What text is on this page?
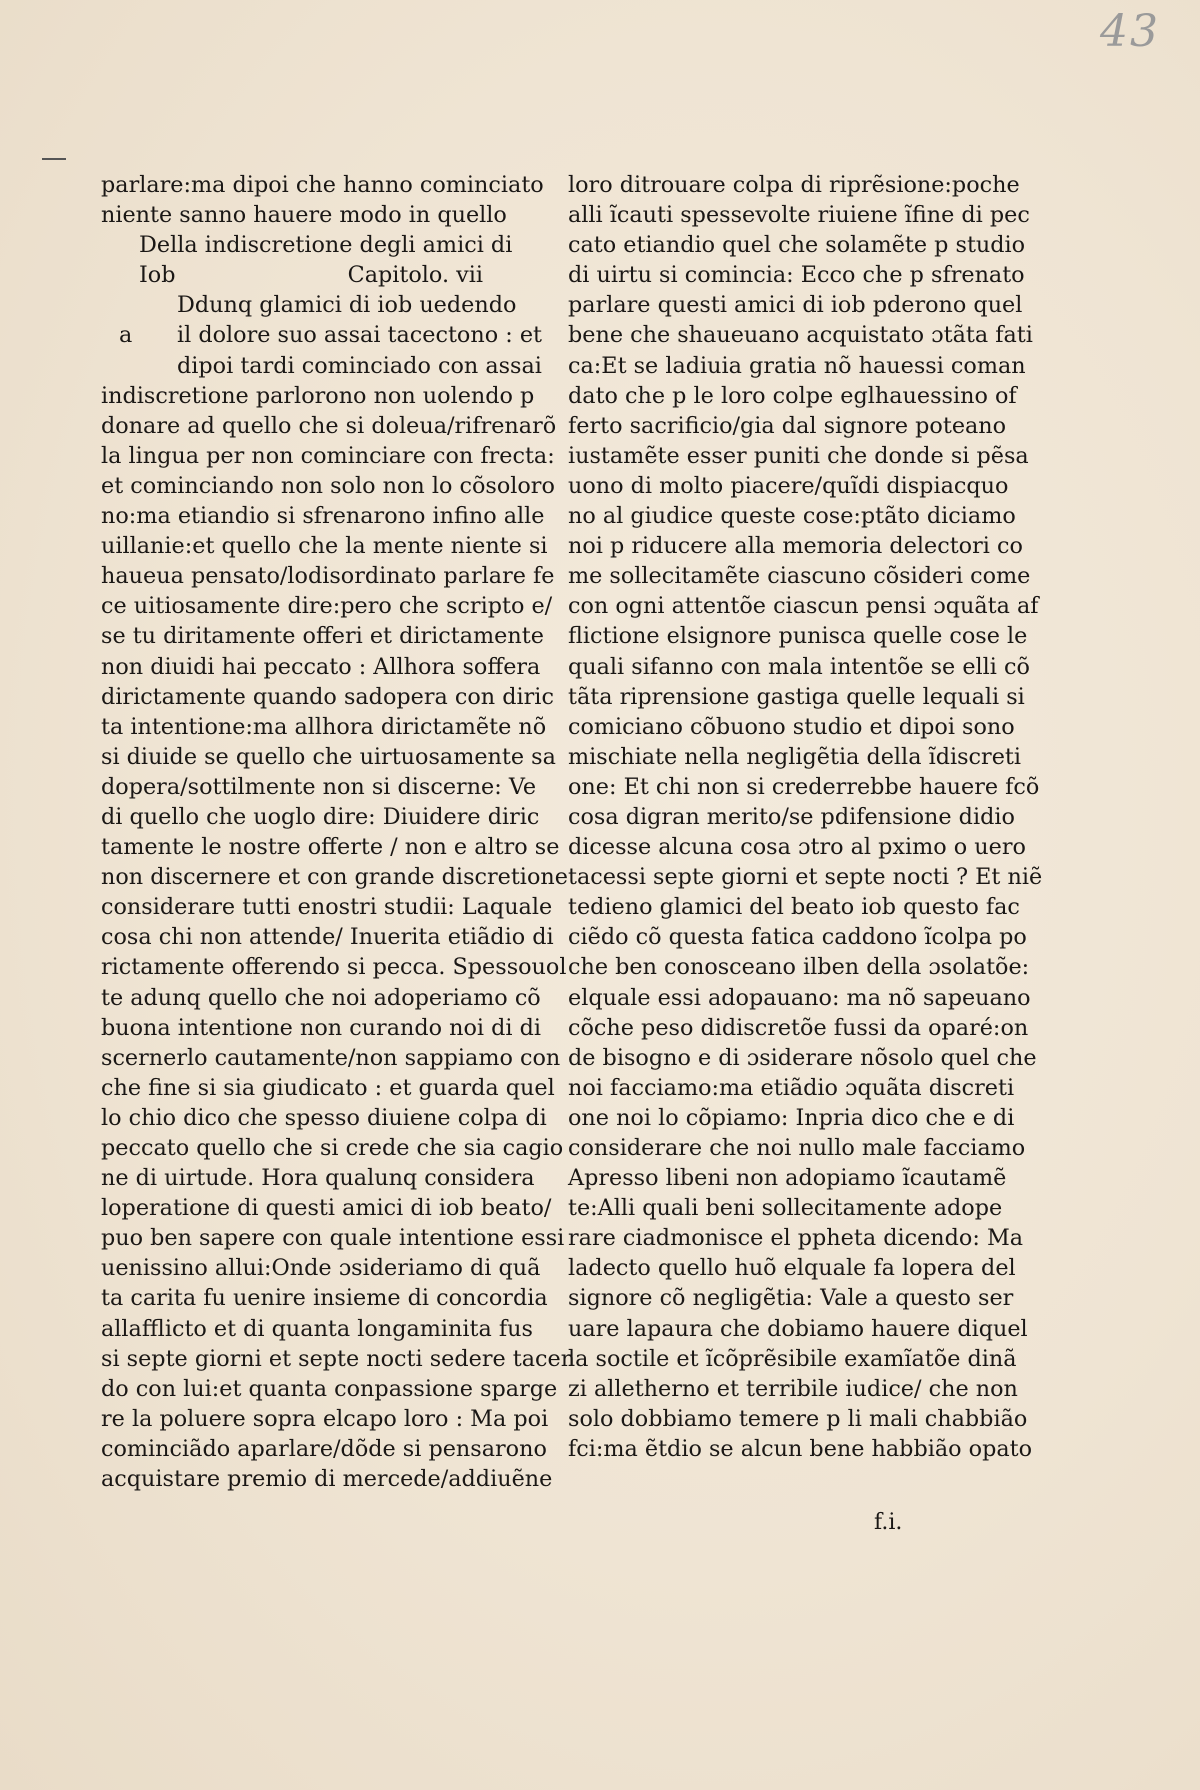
43
parlare:ma dipoi che hanno cominciato
niente sanno hauere modo in quello
Della indiscretione degli amici di
Iob	Capitolo. vii
Ddunq glamici di iob uedendo
a il dolore suo assai tacectono : et
dipoi tardi cominciado con assai
indiscretione parlorono non uolendo p
donare ad quello che si doleua/rifrenarõ
la lingua per non cominciare con frecta:
et cominciando non solo non lo cõsoloro
no:ma etiandio si sfrenarono infino alle
uillanie:et quello che la mente niente si
haueua pensato/lodisordinato parlare fe
ce uitiosamente dire:pero che scripto e/
se tu diritamente offeri et dirictamente
non diuidi hai peccato : Allhora soffera
dirictamente quando sadopera con diric
ta intentione:ma allhora dirictamẽte nõ
si diuide se quello che uirtuosamente sa
dopera/sottilmente non si discerne: Ve
di quello che uoglo dire: Diuidere diric
tamente le nostre offerte / non e altro se
non discernere et con grande discretione
considerare tutti enostri studii: Laquale
cosa chi non attende/ Inuerita etiãdio di
rictamente offerendo si pecca. Spessouol
te adunq quello che noi adoperiamo cõ
buona intentione non curando noi di di
scernerlo cautamente/non sappiamo con
che fine si sia giudicato : et guarda quel
lo chio dico che spesso diuiene colpa di
peccato quello che si crede che sia cagio
ne di uirtude. Hora qualunq considera
loperatione di questi amici di iob beato/
puo ben sapere con quale intentione essi
uenissino allui:Onde ɔsideriamo di quã
ta carita fu uenire insieme di concordia
allafflicto et di quanta longaminita fus
si septe giorni et septe nocti sedere tacen
do con lui:et quanta conpassione sparge
re la poluere sopra elcapo loro : Ma poi
cominciãdo aparlare/dõde si pensarono
acquistare premio di mercede/addiuẽne
loro ditrouare colpa di riprẽsione:poche
alli ĩcauti spessevolte riuiene ĩfine di pec
cato etiandio quel che solamẽte p studio
di uirtu si comincia: Ecco che p sfrenato
parlare questi amici di iob pderono quel
bene che shaueuano acquistato ɔtãta fati
ca:Et se ladiuia gratia nõ hauessi coman
dato che p le loro colpe eglhauessino of
ferto sacrificio/gia dal signore poteano
iustamẽte esser puniti che donde si pẽsa
uono di molto piacere/quĩdi dispiacquo
no al giudice queste cose:ptãto diciamo
noi p riducere alla memoria delectori co
me sollecitamẽte ciascuno cõsideri come
con ogni attentõe ciascun pensi ɔquãta af
flictione elsignore punisca quelle cose le
quali sifanno con mala intentõe se elli cõ
tãta riprensione gastiga quelle lequali si
comiciano cõbuono studio et dipoi sono
mischiate nella negligẽtia della ĩdiscreti
one: Et chi non si crederrebbe hauere fcõ
cosa digran merito/se pdifensione didio
dicesse alcuna cosa ɔtro al pximo o uero
tacessi septe giorni et septe nocti ? Et niẽ
tedieno glamici del beato iob questo fac
ciẽdo cõ questa fatica caddono ĩcolpa po
che ben conosceano ilben della ɔsolatõe:
elquale essi adopauano: ma nõ sapeuano
cõche peso didiscretõe fussi da oparé:on
de bisogno e di ɔsiderare nõsolo quel che
noi facciamo:ma etiãdio ɔquãta discreti
one noi lo cõpiamo: Inpria dico che e di
considerare che noi nullo male facciamo
Apresso libeni non adopiamo ĩcautamẽ
te:Alli quali beni sollecitamente adope
rare ciadmonisce el pphetа dicendo: Ma
ladecto quello huõ elquale fa lopera del
signore cõ negligẽtia: Vale a questo ser
uare lapaura che dobiamo hauere diquel
la soctile et ĩcõprẽsibile examĩatõe dinã
zi alletherno et terribile iudice/ che non
solo dobbiamo temere p li mali chabbião
fci:ma ẽtdio se alcun bene habbião opato
f.i.
